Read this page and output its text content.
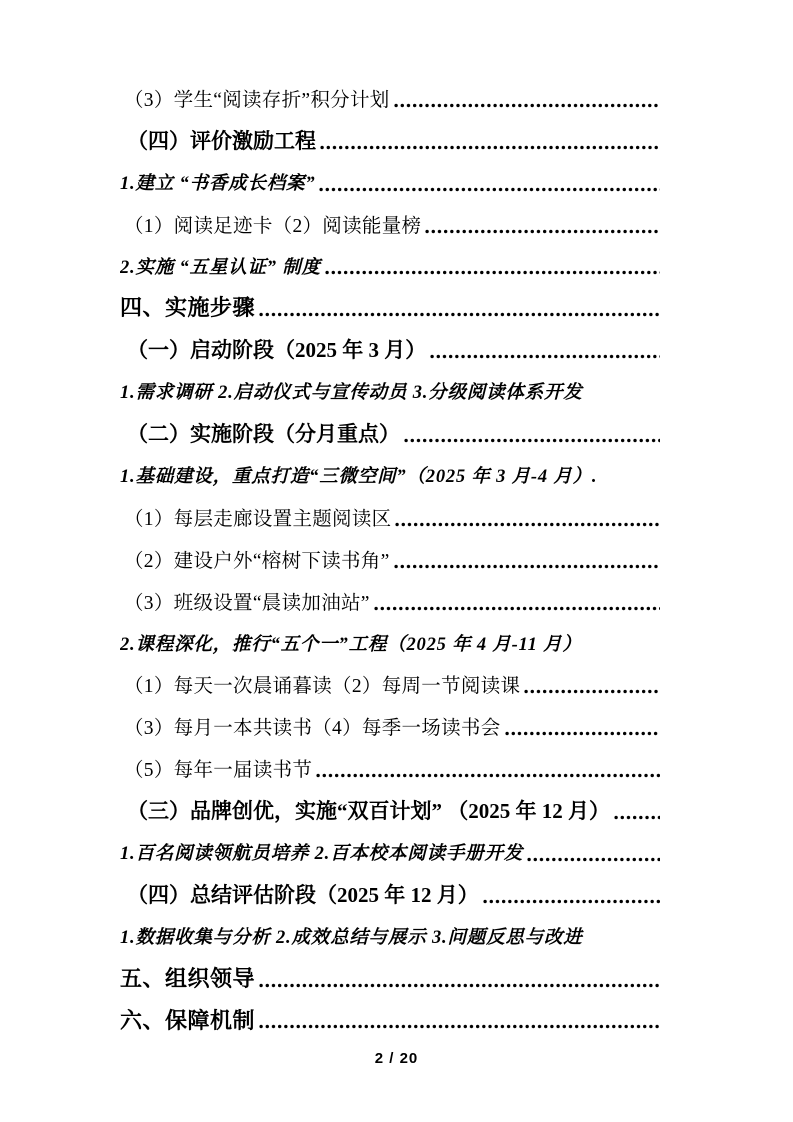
（3）学生“阅读存折”积分计划
（四）评价激励工程
1.建立 “书香成长档案”
（1）阅读足迹卡（2）阅读能量榜
2.实施 “五星认证” 制度
四、实施步骤
（一）启动阶段（2025 年 3 月）
1.需求调研 2.启动仪式与宣传动员 3.分级阅读体系开发
（二）实施阶段（分月重点）
1.基础建设，重点打造“三微空间”（2025 年 3 月-4 月）.
（1）每层走廊设置主题阅读区
（2）建设户外“榕树下读书角”
（3）班级设置“晨读加油站”
2.课程深化，推行“五个一”工程（2025 年 4 月-11 月）
（1）每天一次晨诵暮读（2）每周一节阅读课
（3）每月一本共读书（4）每季一场读书会
（5）每年一届读书节
（三）品牌创优，实施“双百计划” （2025 年 12 月）
1.百名阅读领航员培养 2.百本校本阅读手册开发
（四）总结评估阶段（2025 年 12 月）
1.数据收集与分析 2.成效总结与展示 3.问题反思与改进
五、组织领导
六、保障机制
2 / 20
